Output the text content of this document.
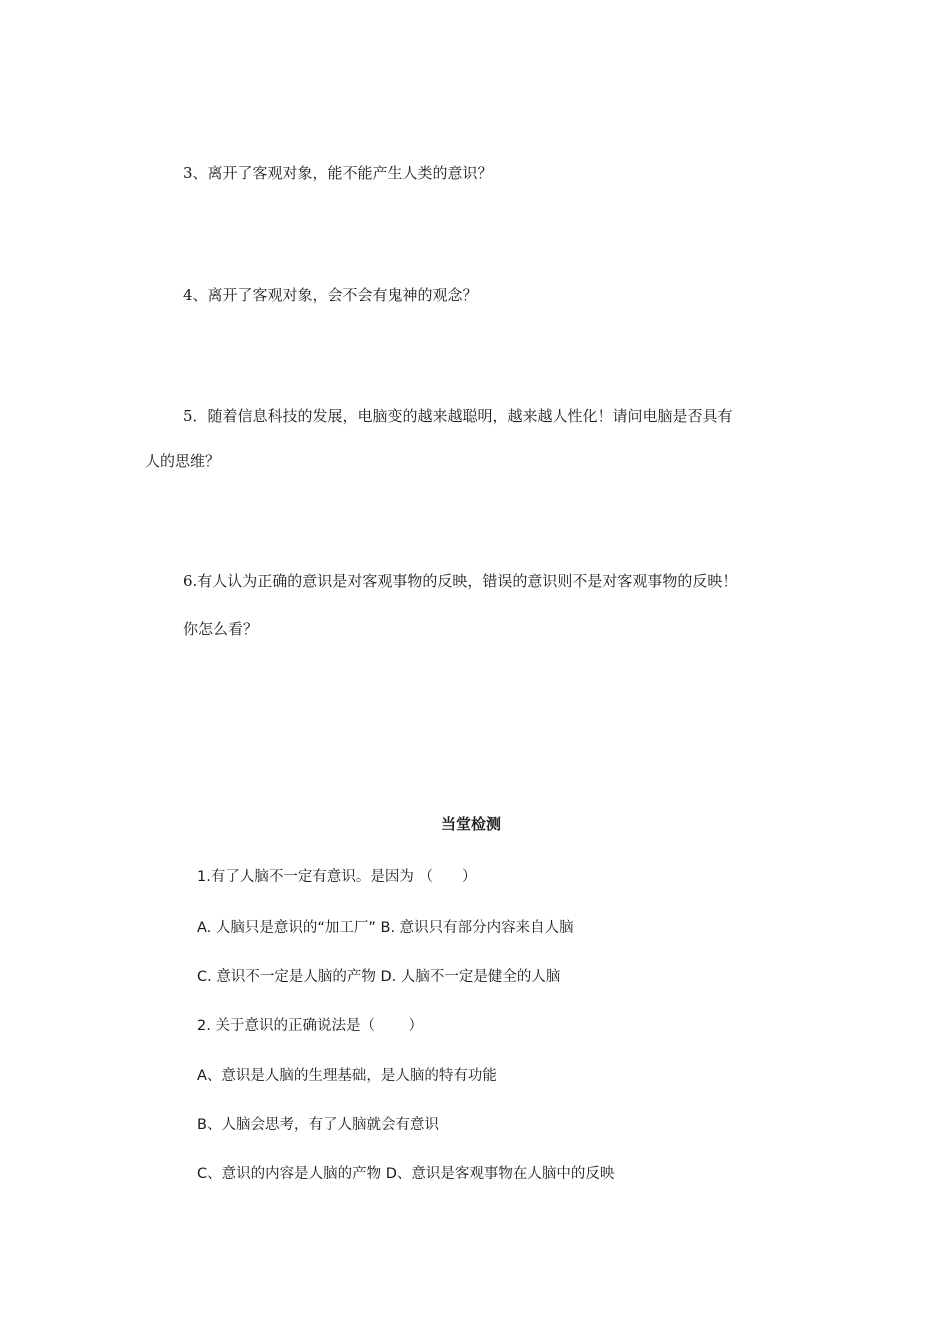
3、离开了客观对象，能不能产生人类的意识？
4、离开了客观对象，会不会有鬼神的观念？
5．随着信息科技的发展，电脑变的越来越聪明，越来越人性化！请问电脑是否具有
人的思维？
6.有人认为正确的意识是对客观事物的反映，错误的意识则不是对客观事物的反映！
你怎么看？
当堂检测
1.有了人脑不一定有意识。是因为 （　　）
A. 人脑只是意识的“加工厂” B. 意识只有部分内容来自人脑
C. 意识不一定是人脑的产物 D. 人脑不一定是健全的人脑
2. 关于意识的正确说法是（　　 ）
A、意识是人脑的生理基础，是人脑的特有功能
B、人脑会思考，有了人脑就会有意识
C、意识的内容是人脑的产物 D、意识是客观事物在人脑中的反映
